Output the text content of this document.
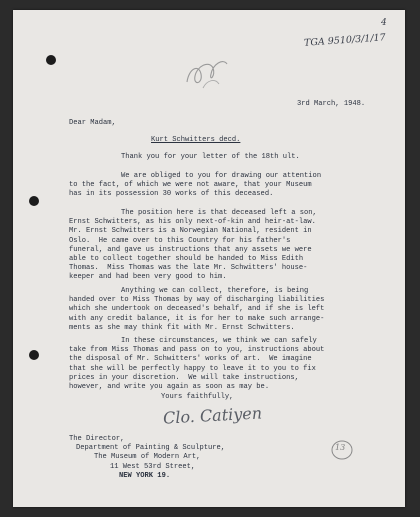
4
TGA 9510/3/1/17
3rd March, 1948.
Dear Madam,
Kurt Schwitters decd.
Thank you for your letter of the 18th ult.
We are obliged to you for drawing our attention
to the fact, of which we were not aware, that your Museum
has in its possession 30 works of this deceased.
The position here is that deceased left a son,
Ernst Schwitters, as his only next-of-kin and heir-at-law.
Mr. Ernst Schwitters is a Norwegian National, resident in
Oslo.  He came over to this Country for his father's
funeral, and gave us instructions that any assets we were
able to collect together should be handed to Miss Edith
Thomas.  Miss Thomas was the late Mr. Schwitters' house-
keeper and had been very good to him.
Anything we can collect, therefore, is being
handed over to Miss Thomas by way of discharging liabilities
which she undertook on deceased's behalf, and if she is left
with any credit balance, it is for her to make such arrange-
ments as she may think fit with Mr. Ernst Schwitters.
In these circumstances, we think we can safely
take from Miss Thomas and pass on to you, instructions about
the disposal of Mr. Schwitters' works of art.  We imagine
that she will be perfectly happy to leave it to you to fix
prices in your discretion.  We will take instructions,
however, and write you again as soon as may be.
Yours faithfully,
Clo. Catiyen
The Director,
Department of Painting & Sculpture,
The Museum of Modern Art,
11 West 53rd Street,
NEW YORK 19.
13
